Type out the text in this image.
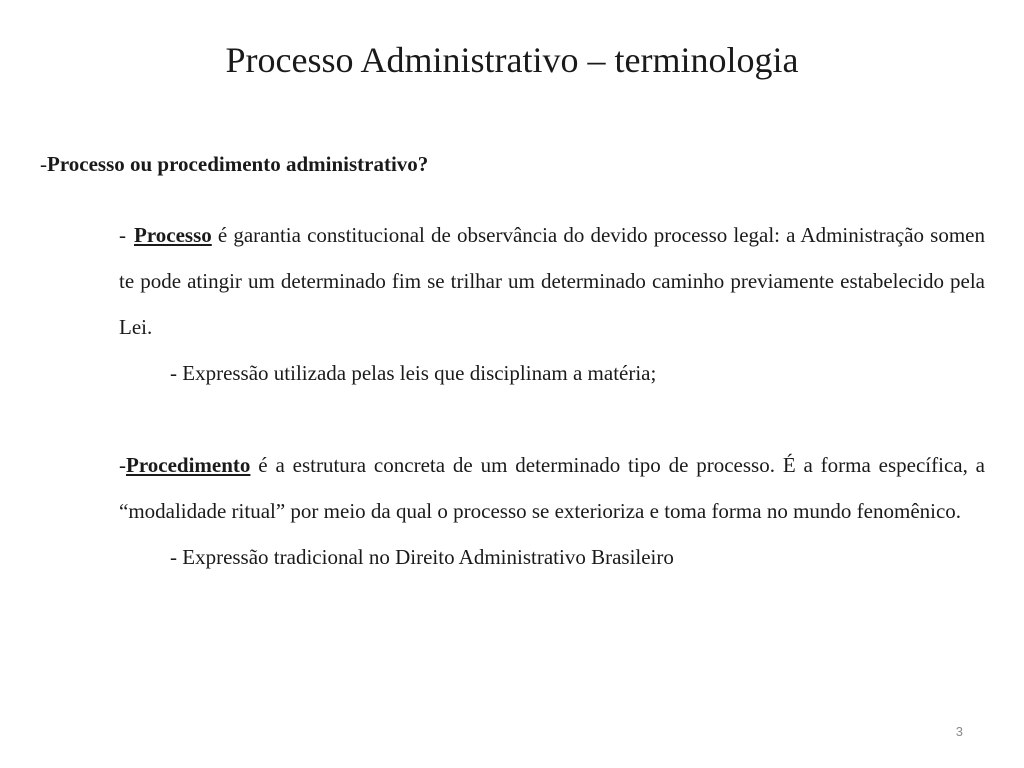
Processo Administrativo – terminologia
-Processo ou procedimento administrativo?
- Processo é garantia constitucional de observância do devido processo legal: a Administração somen te pode atingir um determinado fim se trilhar um determinado caminho previamente estabelecido pela Lei.
- Expressão utilizada pelas leis que disciplinam a matéria;
-Procedimento é a estrutura concreta de um determinado tipo de processo. É a forma específica, a “modalidade ritual” por meio da qual o processo se exterioriza e toma forma no mundo fenomênico.
- Expressão tradicional no Direito Administrativo Brasileiro
3
